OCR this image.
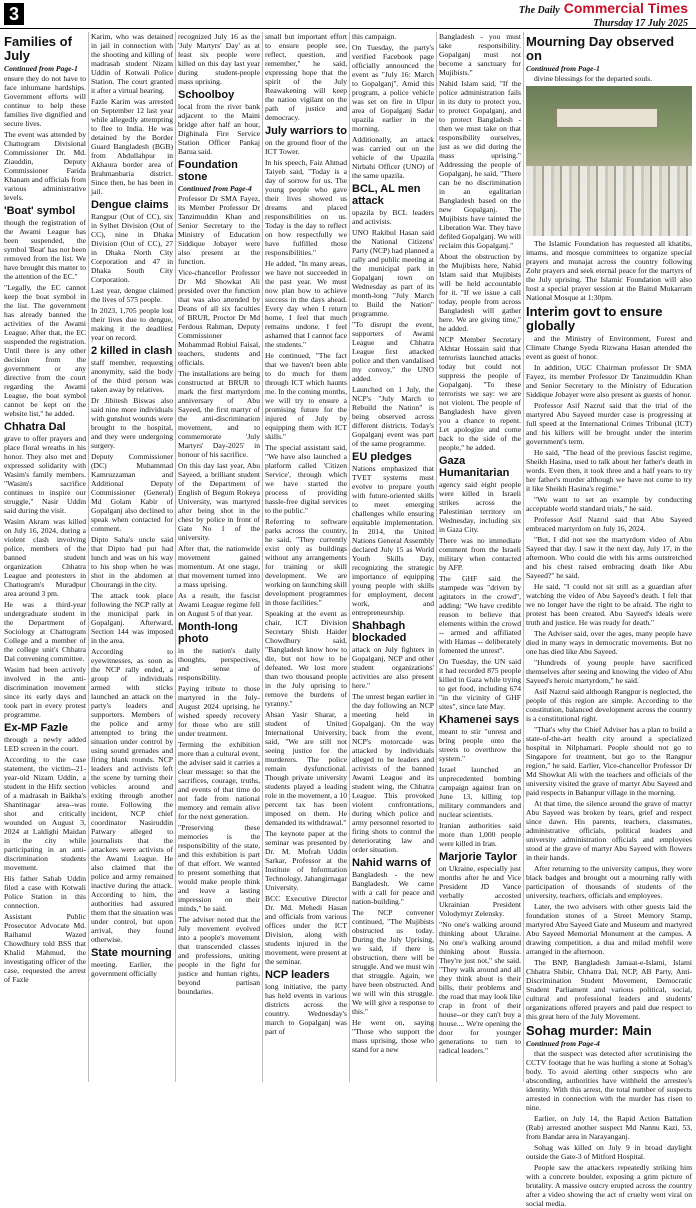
3	The Daily Commercial Times
Thursday 17 July 2025
Families of July
Continued from Page-1

ensure they do not have to face inhumane hardships. Government efforts will continue to help these families live dignified and secure lives.

The event was attended by Chattogram Divisional Commissioner Dr. Md. Ziauddin, Deputy Commissioner Farida Khanam and officials from various administrative levels.

'Boat' symbol

though the registration of the Awami League has been suspended, the symbol 'Boat' has not been removed from the list. We have brought this matter to the attention of the EC."

"Legally, the EC cannot keep the boat symbol in the list. The government has already banned the activities of the Awami League. After that, the EC suspended the registration. Until there is any other decision from the government or any directive from the court regarding the Awami League, the boat symbol cannot be kept on the website list," he added.

Chhatra Dal

grave to offer prayers and place floral wreaths in his honor. They also met and expressed solidarity with Wasim's family members. "Wasim's sacrifice continues to inspire our struggle," Nasir Uddin said during the visit.

Wasim Akram was killed on July 16, 2024, during a violent clash involving police, members of the banned student organization Chhatra League and protesters in Chattogram's Muradpur area around 3 pm.

He was a third-year undergraduate student in the Department of Sociology at Chattogram College and a member of the college unit's Chhatra Dal convening committee.

Wasim had been actively involved in the anti-discrimination movement since its early days and took part in every protest programme.

Ex-MP Fazle

through a newly added LED screen in the court.

According to the case statement, the victim--21-year-old Nizam Uddin, a student in the Hifz section of a madrasah in Baikha's Shantinagar area--was shot and critically wounded on August 3, 2024 at Laldighi Maidan in the city while participating in an anti-discrimination students movement.

His father Sahab Uddin filed a case with Kotwali Police Station in this connection.

Assistant Public Prosecutor Advocate Md. Raihanul Wazed Chowdhury told BSS that Khalid Mahmud, the investigating officer of the case, requested the arrest of Fazle

Karim, who was detained in jail in connection with the shooting and killing of madrasah student Nizam Uddin of Kotwali Police Station. The court granted it after a virtual hearing.

Fazle Karim was arrested on September 12 last year while allegedly attempting to flee to India. He was detained by the Border Guard Bangladesh (BGB) from Abdullahpur in Akhaura border area of Brahmanbaria district. Since then, he has been in jail.

Dengue claims

Rangpur (Out of CC), six in Sylhet Division (Out of CC), nine in Dhaka Division (Out of CC), 27 in Dhaka North City Corporation and 47 in Dhaka South City Corporation.

Last year, dengue claimed the lives of 575 people.

In 2023, 1,705 people lost their lives due to dengue, making it the deadliest year on record.

2 killed in clash

staff member, requesting anonymity, said the body of the third person was taken away by relatives.

Dr Jibitesh Biswas also said nine more individuals with gunshot wounds were brought to the hospital, and they were undergoing surgery.

Deputy Commissioner (DC) Muhammad Kamruzzaman and Additional Deputy Commissioner (General) Md Golam Kabir of Gopalganj also declined to speak when contacted for comment.

Dipto Saha's uncle said that Dipto had put had lunch and was on his way to his shop when he was shot in the abdomen at Chourangi in the city.

The attack took place following the NCP rally at the municipal park in Gopalganj. Afterward, Section 144 was imposed in the area.

According to eyewitnesses, as soon as the NCP rally ended, a group of individuals armed with sticks launched an attack on the party's leaders and supporters. Members of the police and army attempted to bring the situation under control by using sound grenades and firing blank rounds. NCP leaders and activists left the scene by turning their vehicles around and exiting through another route. Following the incident, NCP chief coordinator Nasiruddin Patwary alleged to journalists that the attackers were activists of the Awami League. He also claimed that the police and army remained inactive during the attack. According to him, the authorities had assured them that the situation was under control, but upon arrival, they found otherwise.

State mourning

meeting. Earlier, the government officially

recognized July 16 as the 'July Martyrs' Day' as at least six people were killed on this day last year during student-people mass uprising.

Schoolboy

local from the river bank adjacent to the Maini bridge after half an hour, Dighinala Fire Service Station Officer Pankaj Barua said.

Foundation stone
Continued from Page-4

Professor Dr SMA Fayez, its Member Professor Dr Tanzimuddin Khan and Senior Secretary to the Ministry of Education Siddique Jobayer were also present at the function.

Vice-chancellor Professor Dr Md Showkat Ali presided over the function that was also attended by Deans of all six faculties of BRUR, Proctor Dr Md Ferdous Rahman, Deputy Commissioner Mohammad Robiul Faisal, teachers, students and officials.

The installations are being constructed at BRUR to mark the first martyrdom anniversary of Abu Sayeed, the first martyr of the anti-discrimination movement, and to commemorate 'July Martyrs' Day-2025' in honour of his sacrifice.

On this day last year, Abu Sayeed, a brilliant student of the Department of English of Begum Rokeya University, was martyred after being shot in the chest by police in front of Gate No 1 of the university.

After that, the nationwide movement gained momentum. At one stage, that movement turned into a mass uprising.

As a result, the fascist Awami League regime fell on August 5 of that year.

Month-long photo

in the nation's daily thoughts, perspectives, and sense of responsibility.

Paying tribute to those martyred in the July-August 2024 uprising, he wished speedy recovery for those who are still under treatment.

Terming the exhibition more than a cultural event, the adviser said it carries a clear message: so that the sacrifices, courage, truths, and events of that time do not fade from national memory and remain alive for the next generation.

"Preserving these memories is the responsibility of the state, and this exhibition is part of that effort. We wanted to present something that would make people think and leave a lasting impression on their minds," he said.

The adviser noted that the July movement evolved into a people's movement that transcended classes and professions, uniting people in the fight for justice and human rights, beyond partisan boundaries.

small but important effort to ensure people see, reflect, question, and remember," he said, expressing hope that the spirit of the July Reawakening will keep the nation vigilant on the path of justice and democracy.

July warriors to

on the ground floor of the ICT Tower.

In his speech, Faiz Ahmad Taiyeb said, "Today is a day of sorrow for us. The young people who gave their lives showed us dreams and placed responsibilities on us. Today is the day to reflect on how respectfully we have fulfilled those responsibilities."

He added, "In many areas, we have not succeeded in the past year. We must now plan how to achieve success in the days ahead. Every day when I return home, I feel that much remains undone. I feel ashamed that I cannot face the students."

He continued, "The fact that we haven't been able to do much for them through ICT which haunts me. In the coming months, we will try to ensure a promising future for the injured of July by equipping them with ICT skills."

The special assistant said, "We have also launched a platform called 'Citizen Service', through which we have started the process of providing hassle-free digital services to the public."

Referring to software parks across the country, he said, "They currently exist only as buildings without any arrangements for training or skill development. We are working on launching skill development programmes in those facilities."

Speaking at the event as chair, ICT Division Secretary Shish Haider Chowdhury said, "Bangladesh know how to die, but not how to be defeated. We lost more than two thousand people in the July uprising to remove the burdens of tyranny."

Ahsan Yasir Sharar, a student of United International University, said, "We are still not seeing justice for the murderers. The police remain dysfunctional. Though private university students played a leading role in the movement, a 10 percent tax has been imposed on them. He demanded its withdrawal."

The keynote paper at the seminar was presented by Dr. M. Mofrah Uddin Sarkar, Professor at the Institute of Information Technology, Jahangirnagar University.

BCC Executive Director Dr. Md. Mehedi Hasan and officials from various offices under the ICT Division, along with students injured in the movement, were present at the seminar.

NCP leaders

long initiative, the party has held events in various districts across the country. Wednesday's march to Gopalganj was part of

this campaign.

On Tuesday, the party's verified Facebook page officially announced the event as "July 16: March to Gopalganj". Amid this program, a police vehicle was set on fire in Ulpur area of Gopalganj Sadar upazila earlier in the morning.

Additionally, an attack was carried out on the vehicle of the Upazila Nirbahi Officer (UNO) of the same upazila.

BCL, AL men attack

upazila by BCL leaders and activists.

UNO Rakibul Hasan said the National Citizens' Party (NCP) had planned a rally and public meeting at the municipal park in Gopalganj town on Wednesday as part of its month-long "July March to Build the Nation" programme.

"To disrupt the event, supporters of Awami League and Chhatra League first attacked police and then vandalised my convoy," the UNO added.

Launched on 1 July, the NCP's "July March to Rebuild the Nation" is being observed across different districts. Today's Gopalganj event was part of the same programme.

EU pledges

Nations emphasized that TVET systems must evolve to prepare youth with future-oriented skills to meet emerging challenges while ensuring equitable implementation. In 2014, the United Nations General Assembly declared July 15 as World Youth Skills Day, recognizing the strategic importance of equipping young people with skills for employment, decent work, and entrepreneurship.

Shahbagh blockaded

attack on July fighters in Gopalganj, NCP and other student organizations' activities are also present here."

The unrest began earlier in the day following an NCP meeting held in Gopalganj. On the way back from the event, NCP's motorcade was attacked by individuals alleged to be leaders and activists of the banned Awami League and its student wing, the Chhatra League. This provoked violent confrontations, during which police and army personnel resorted to firing shots to control the deteriorating law and order situation.

Nahid warns of

Bangladesh - the new Bangladesh. We came with a call for peace and nation-building."

The NCP convener continued, "The Mujibists obstructed us today. During the July Uprising, we said, if there is obstruction, there will be struggle. And we must win that struggle. Again, we have been obstructed. And we will win this struggle. We will give a response to this."

He went on, saying "Those who support the mass uprising, those who stand for a new

Bangladesh - you must take responsibility. Gopalganj must not become a sanctuary for Mujibists."

Nahid Islam said, "If the police administration fails in its duty to protect you, to protect Gopalganj, and to protect Bangladesh - then we must take on that responsibility ourselves, just as we did during the mass uprising." Addressing the people of Gopalganj, he said, "There can be no discrimination in an egalitarian Bangladesh based on the new Gopalganj. The Mujibists have tainted the Liberation War. They have defiled Gopalganj. We will reclaim this Gopalganj."

About the obstruction by the Mujibists here, Nahid Islam said that Mujibists will be held accountable for it. "If we issue a call today, people from across Bangladesh will gather here. We are giving time," he added.

NCP Member Secretary Akhtar Hossain said that terrorists launched attacks today but could not suppress the people of Gopalganj. "To these terrorists we say: we are not violent. The people of Bangladesh have given you a chance to repent. Let apologize and come back to the side of the people," he added.

Gaza Humanitarian

agency said eight people were killed in Israeli strikes across the Palestinian territory on Wednesday, including six in Gaza City.

There was no immediate comment from the Israeli military when contacted by AFP.

The GHF said the stampede was "driven by agitators in the crowd", adding: "We have credible reason to believe that elements within the crowd -- armed and affiliated with Hamas -- deliberately fomented the unrest".

On Tuesday, the UN said it had recorded 875 people killed in Gaza while trying to get food, including 674 "in the vicinity of GHF sites", since late May.

Khamenei says

meant to stir "unrest and bring people onto the streets to overthrow the system."

Israel launched an unprecedented bombing campaign against Iran on June 13, killing top military commanders and nuclear scientists.

Iranian authorities said more than 1,000 people were killed in Iran.

Marjorie Taylor

on Ukraine, especially just months after he and Vice President JD Vance verbally accosted Ukrainian President Volodymyr Zelensky.

"No one's walking around thinking about Ukraine. No one's walking around thinking about Russia. They're just not," she said. "They walk around and all they think about is their bills, their problems and the road that may look like crap in front of their house--or they can't buy a house.... We're opening the door for younger generations to turn to radical leaders."

Mourning Day observed on
Continued from Page-1

divine blessings for the departed souls.

The Islamic Foundation has requested all khatibs, imams, and mosque committees to organize special prayers and munajat across the country following Zohr prayers and seek eternal peace for the martyrs of the July uprising. The Islamic Foundation will also host a special prayer session at the Baitul Mukarram National Mosque at 1:30pm.

Interim govt to ensure globally

and the Ministry of Environment, Forest and Climate Change Syeda Rizwana Hasan attended the event as guest of honor.

In addition, UGC Chairman professor Dr SMA Fayez, its member Professor Dr Tanzimuddin Khan and Senior Secretary to the Ministry of Education Siddique Jobayer were also present as guests of honor.

Professor Asif Nazrul said that the trial of the martyred Abu Sayeed murder case is progressing at full speed at the International Crimes Tribunal (ICT) and his killers will be brought under the interim government's term.

He said, "The head of the previous fascist regime, Sheikh Hasina, used to talk about her father's death in words. Even then, it took three and a half years to try her father's murder although we have not come to try it like Sheikh Hasina's regime."

"We want to set an example by conducting acceptable world standard trials," he said.

Professor Asif Nazrul said that Abu Sayeed embraced martyrdom on July 16, 2024.

"But, I did not see the martyrdom video of Abu Sayeed that day. I saw it the next day, July 17, in the afternoon. Who could die with his arms outstretched and his chest raised embracing death like Abu Sayeed?" he said.

He said, "I could not sit still as a guardian after watching the video of Abu Sayeed's death. I felt that we no longer have the right to be afraid. The right to protest has been created. Abu Sayeed's ideals were truth and justice. He was ready for death."

The Adviser said, over the ages, many people have died in many ways in democratic movements. But no one has died like Abu Sayeed.

"Hundreds of young people have sacrificed themselves after seeing and knowing the video of Abu Sayeed's heroic martyrdom," he said.

Asif Nazrul said although Rangpur is neglected, the people of this region are simple. According to the constitution, balanced development across the country is a constitutional right.

"That's why the Chief Adviser has a plan to build a state-of-the-art health city around a specialized hospital in Nilphamari. People should not go to Singapore for treatment, but go to the Rangpur region," he said. Earlier, Vice-chancellor Professor Dr Md Showkat Ali with the teachers and officials of the university visited the grave of martyr Abu Sayeed and paid respects in Babanpur village in the morning.

At that time, the silence around the grave of martyr Abu Sayeed was broken by tears, grief and respect since dawn. His parents, teachers, classmates, administrative officials, political leaders and university administration officials and employees stood at the grave of martyr Abu Sayeed with flowers in their hands.

After returning to the university campus, they wore black badges and brought out a mourning rally with participation of thousands of students of the university, teachers, officials and employees.

Later, the two advisers with other guests laid the foundation stones of a Street Memory Stamp, martyred Abu Sayeed Gate and Museum and martyred Abu Sayeed Memorial Monument at the campus. A drawing competition, a dua and milad mehfil were arranged in the afternoon.

The BNP, Bangladesh Jamaat-e-Islami, Islami Chhatra Shibir, Chhatra Dal, NCP, AB Party, Anti-Discrimination Student Movement, Democratic Student Parliament and various political, social, cultural and professional leaders and students' organizations offered prayers and paid due respect to this great hero of the July Movement.

Sohag murder: Main
Continued from Page-4

that the suspect was detected after scrutinising the CCTV footage that he was hurling a stone at Sohag's body. To avoid alerting other suspects who are absconding, authorities have withheld the arrestee's identity. With this arrest, the total number of suspects arrested in connection with the murder has risen to nine.

Earlier, on July 14, the Rapid Action Battalion (Rab) arrested another suspect Md Nannu Kazi, 53, from Bandar area in Narayanganj.

Sohag was killed on July 9 in broad daylight outside the Gate-3 of Mitford Hospital.

People saw the attackers repeatedly striking him with a concrete boulder, exposing a grim picture of brutality. A massive outcry erupted across the country after a video showing the act of cruelty went viral on social media.
